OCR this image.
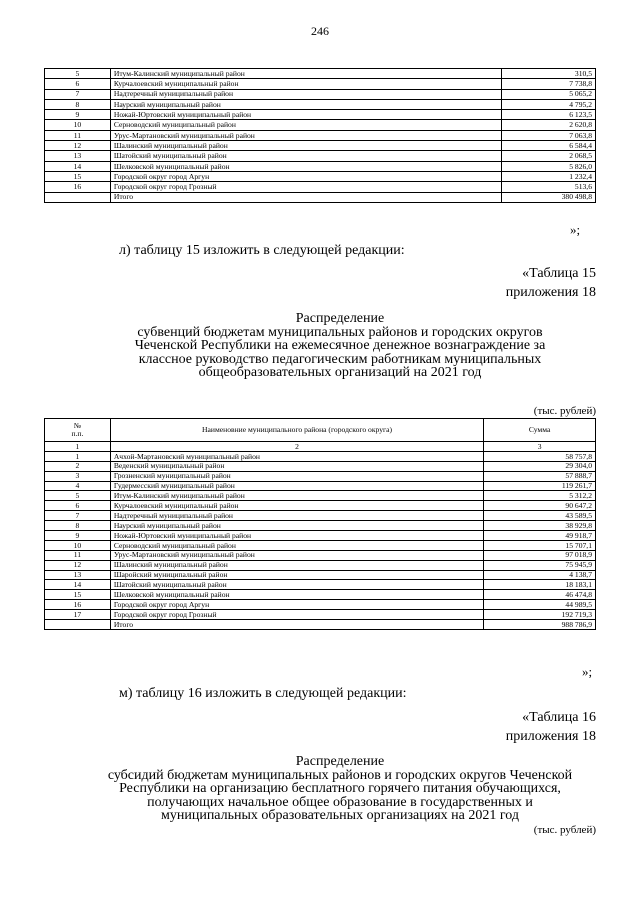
246
5	Итум-Калинский муниципальный район	310,5
6	Курчалоевский муниципальный район	7 738,8
7	Надтеречный муниципальный район	5 065,2
8	Наурский муниципальный район	4 795,2
9	Ножай-Юртовский муниципальный район	6 123,5
10	Серноводский муниципальный район	2 620,8
11	Урус-Мартановский муниципальный район	7 063,8
12	Шалинский муниципальный район	6 584,4
13	Шатойский муниципальный район	2 068,5
14	Шелковской муниципальный район	5 826,0
15	Городской округ город Аргун	1 232,4
16	Городской округ город Грозный	513,6
	Итого	380 498,8
»;
л) таблицу 15 изложить в следующей редакции:
«Таблица 15
приложения 18
Распределение
субвенций бюджетам муниципальных районов и городских округов
Чеченской Республики на ежемесячное денежное вознаграждение за
классное руководство педагогическим работникам муниципальных
общеобразовательных организаций на 2021 год
(тыс. рублей)
№
п.п.	Наименовние муниципального района (городского округа)	Сумма
1	2	3
1	Ачхой-Мартановский муниципальный район	58 757,8
2	Веденский муниципальный район	29 304,0
3	Грозненский муниципальный район	57 888,7
4	Гудермесский муниципальный район	119 261,7
5	Итум-Калинский муниципальный район	5 312,2
6	Курчалоевский муниципальный район	90 647,2
7	Надтеречный муниципальный район	43 589,5
8	Наурский муниципальный район	38 929,8
9	Ножай-Юртовский муниципальный район	49 918,7
10	Серноводский муниципальный район	15 707,1
11	Урус-Мартановский муниципальный район	97 018,9
12	Шалинский муниципальный район	75 945,9
13	Шаройский муниципальный район	4 138,7
14	Шатойский муниципальный район	18 183,1
15	Шелковской муниципальный район	46 474,8
16	Городской округ город Аргун	44 989,5
17	Городской округ город Грозный	192 719,3
	Итого	988 786,9
»;
м) таблицу 16 изложить в следующей редакции:
«Таблица 16
приложения 18
Распределение
субсидий бюджетам муниципальных районов и городских округов Чеченской
Республики на организацию бесплатного горячего питания обучающихся,
получающих начальное общее образование в государственных и
муниципальных образовательных организациях на 2021 год
(тыс. рублей)
